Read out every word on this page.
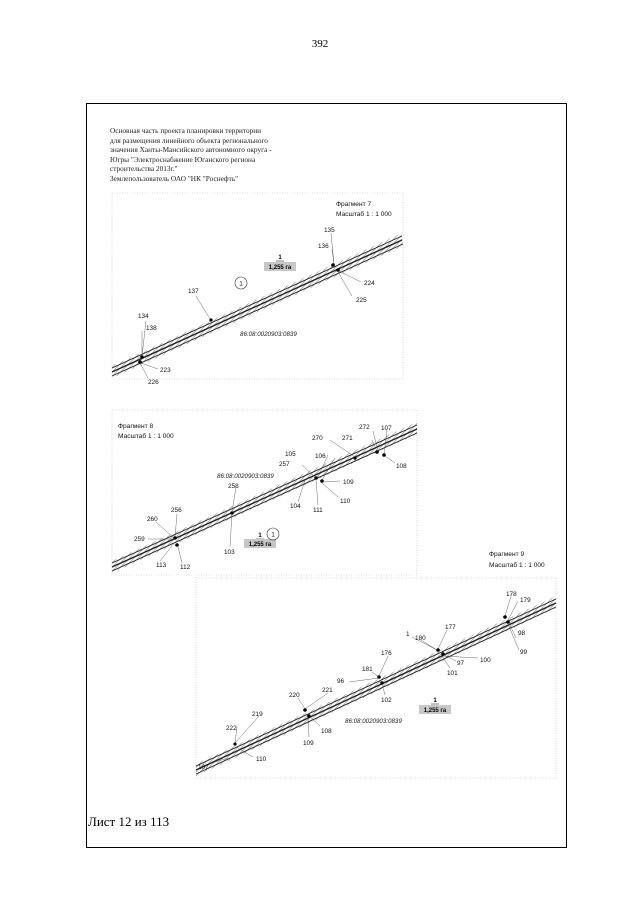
392
Основная часть проекта планировки территории
для размещения линейного объекта регионального
значения Ханты-Мансийского автономного округа -
Югры "Электроснабжение Юганского региона
строительства 2013г."
Землепользователь ОАО "НК "Роснефть"
Фрагмент 7
Масштаб 1 : 1 000
135
136
224
225
137
134
138
223
226
1
1,255 га
1
86:08:0020903:0839
Фрагмент 8
Масштаб 1 : 1 000
272 107
270	271
105	106
108
257
109
258
110
104
111
256
260
259
103
113 112
86:08:0020903:0839
1
1,255 га
1
Фрагмент 9
Масштаб 1 : 1 000
178
179
98
177
99
1
180
176
97 100
181
101
96
221
102
220
219
222	108
109
107
110
86:08:0020903:0839
1
1,255 га
Лист 12 из 113
